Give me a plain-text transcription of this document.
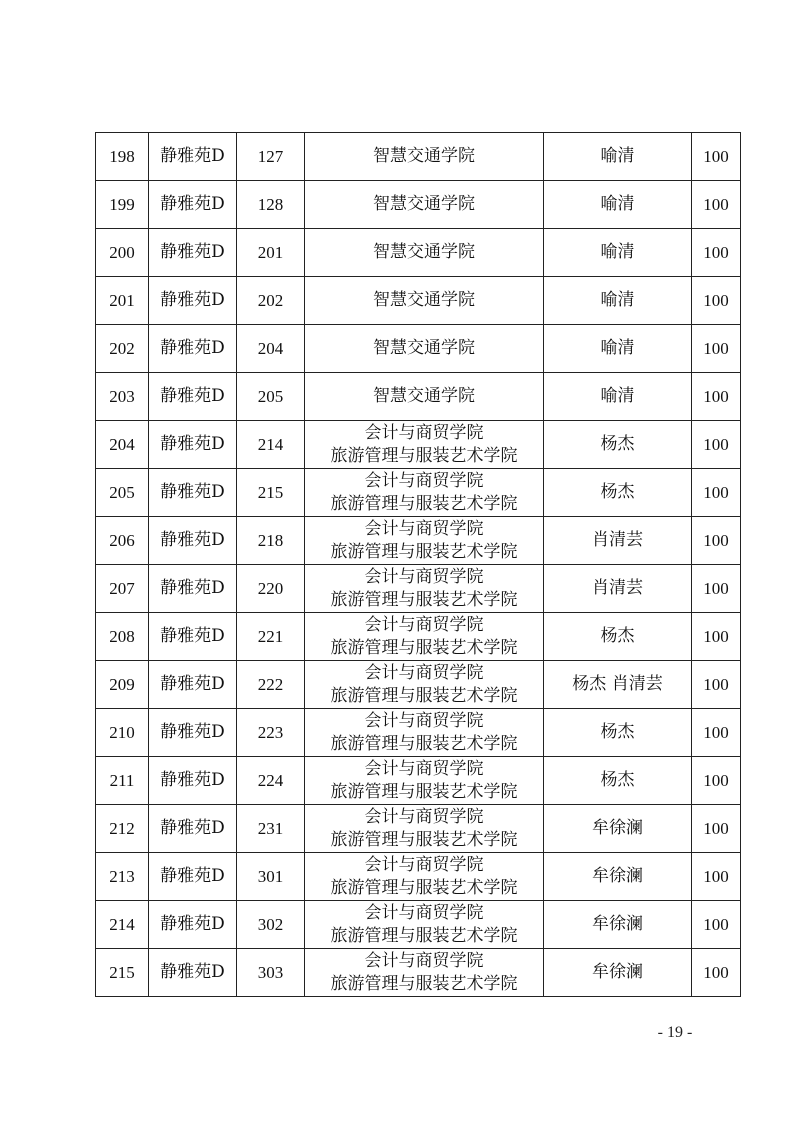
198	静雅苑D	127	智慧交通学院	喻清	100
199	静雅苑D	128	智慧交通学院	喻清	100
200	静雅苑D	201	智慧交通学院	喻清	100
201	静雅苑D	202	智慧交通学院	喻清	100
202	静雅苑D	204	智慧交通学院	喻清	100
203	静雅苑D	205	智慧交通学院	喻清	100
204	静雅苑D	214	会计与商贸学院
旅游管理与服装艺术学院	杨杰	100
205	静雅苑D	215	会计与商贸学院
旅游管理与服装艺术学院	杨杰	100
206	静雅苑D	218	会计与商贸学院
旅游管理与服装艺术学院	肖清芸	100
207	静雅苑D	220	会计与商贸学院
旅游管理与服装艺术学院	肖清芸	100
208	静雅苑D	221	会计与商贸学院
旅游管理与服装艺术学院	杨杰	100
209	静雅苑D	222	会计与商贸学院
旅游管理与服装艺术学院	杨杰 肖清芸	100
210	静雅苑D	223	会计与商贸学院
旅游管理与服装艺术学院	杨杰	100
211	静雅苑D	224	会计与商贸学院
旅游管理与服装艺术学院	杨杰	100
212	静雅苑D	231	会计与商贸学院
旅游管理与服装艺术学院	牟徐澜	100
213	静雅苑D	301	会计与商贸学院
旅游管理与服装艺术学院	牟徐澜	100
214	静雅苑D	302	会计与商贸学院
旅游管理与服装艺术学院	牟徐澜	100
215	静雅苑D	303	会计与商贸学院
旅游管理与服装艺术学院	牟徐澜	100
- 19 -
